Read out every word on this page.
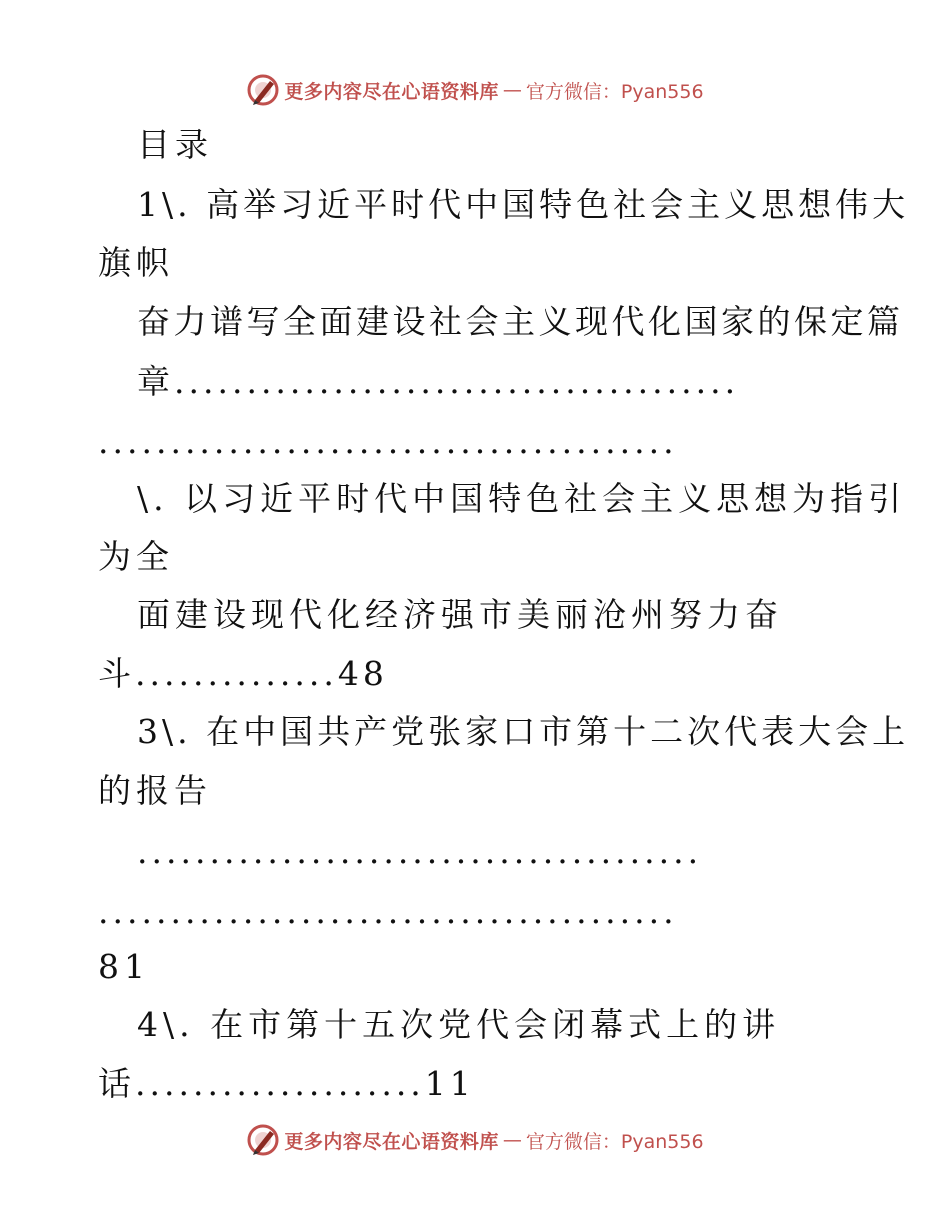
更多内容尽在心语资料库 — 官方微信：Pyan556
目录
1\. 高举习近平时代中国特色社会主义思想伟大
旗帜
奋力谱写全面建设社会主义现代化国家的保定篇
章.......................................
........................................
\. 以习近平时代中国特色社会主义思想为指引
为全
面建设现代化经济强市美丽沧州努力奋
斗..............48
3\. 在中国共产党张家口市第十二次代表大会上
的报告
.......................................
........................................
81
4\. 在市第十五次党代会闭幕式上的讲
话....................11
更多内容尽在心语资料库 — 官方微信：Pyan556
